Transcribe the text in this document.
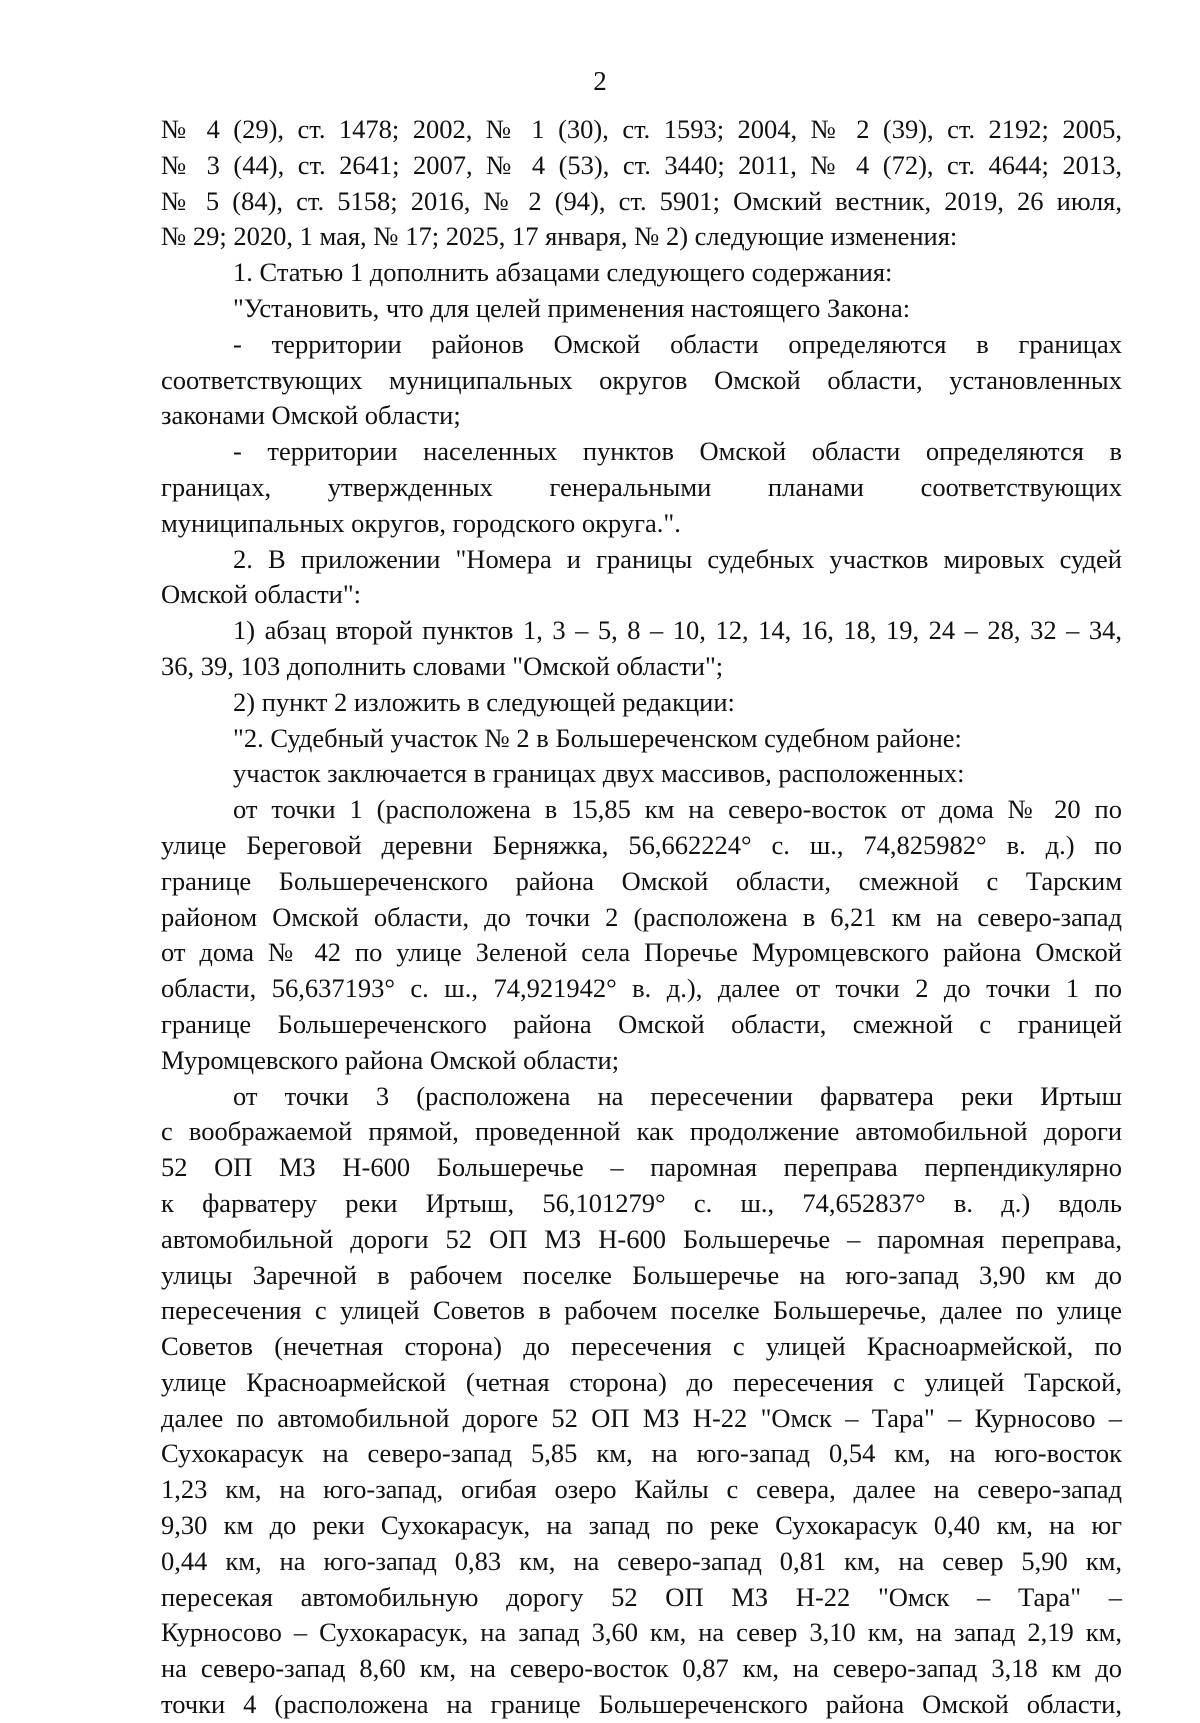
2

№ 4 (29), ст. 1478; 2002, № 1 (30), ст. 1593; 2004, № 2 (39), ст. 2192; 2005,

№ 3 (44), ст. 2641; 2007, № 4 (53), ст. 3440; 2011, № 4 (72), ст. 4644; 2013,

№ 5 (84), ст. 5158; 2016, № 2 (94), ст. 5901; Омский вестник, 2019, 26 июля,

№ 29; 2020, 1 мая, № 17; 2025, 17 января, № 2) следующие изменения:

1. Статью 1 дополнить абзацами следующего содержания:

"Установить, что для целей применения настоящего Закона:

- территории районов Омской области определяются в границах

соответствующих муниципальных округов Омской области, установленных

законами Омской области;

- территории населенных пунктов Омской области определяются в

границах, утвержденных генеральными планами соответствующих

муниципальных округов, городского округа.".

2. В приложении "Номера и границы судебных участков мировых судей

Омской области":

1) абзац второй пунктов 1, 3 – 5, 8 – 10, 12, 14, 16, 18, 19, 24 – 28, 32 – 34,

36, 39, 103 дополнить словами "Омской области";

2) пункт 2 изложить в следующей редакции:

"2. Судебный участок № 2 в Большереченском судебном районе:

участок заключается в границах двух массивов, расположенных:

от точки 1 (расположена в 15,85 км на северо-восток от дома № 20 по

улице Береговой деревни Берняжка, 56,662224° с. ш., 74,825982° в. д.) по

границе Большереченского района Омской области, смежной с Тарским

районом Омской области, до точки 2 (расположена в 6,21 км на северо-запад

от дома № 42 по улице Зеленой села Поречье Муромцевского района Омской

области, 56,637193° с. ш., 74,921942° в. д.), далее от точки 2 до точки 1 по

границе Большереченского района Омской области, смежной с границей

Муромцевского района Омской области;

от точки 3 (расположена на пересечении фарватера реки Иртыш

с воображаемой прямой, проведенной как продолжение автомобильной дороги

52 ОП МЗ Н-600 Большеречье – паромная переправа перпендикулярно

к фарватеру реки Иртыш, 56,101279° с. ш., 74,652837° в. д.) вдоль

автомобильной дороги 52 ОП МЗ Н-600 Большеречье – паромная переправа,

улицы Заречной в рабочем поселке Большеречье на юго-запад 3,90 км до

пересечения с улицей Советов в рабочем поселке Большеречье, далее по улице

Советов (нечетная сторона) до пересечения с улицей Красноармейской, по

улице Красноармейской (четная сторона) до пересечения с улицей Тарской,

далее по автомобильной дороге 52 ОП МЗ Н-22 "Омск – Тара" – Курносово –

Сухокарасук на северо-запад 5,85 км, на юго-запад 0,54 км, на юго-восток

1,23 км, на юго-запад, огибая озеро Кайлы с севера, далее на северо-запад

9,30 км до реки Сухокарасук, на запад по реке Сухокарасук 0,40 км, на юг

0,44 км, на юго-запад 0,83 км, на северо-запад 0,81 км, на север 5,90 км,

пересекая автомобильную дорогу 52 ОП МЗ Н-22 "Омск – Тара" –

Курносово – Сухокарасук, на запад 3,60 км, на север 3,10 км, на запад 2,19 км,

на северо-запад 8,60 км, на северо-восток 0,87 км, на северо-запад 3,18 км до

точки 4 (расположена на границе Большереченского района Омской области,
